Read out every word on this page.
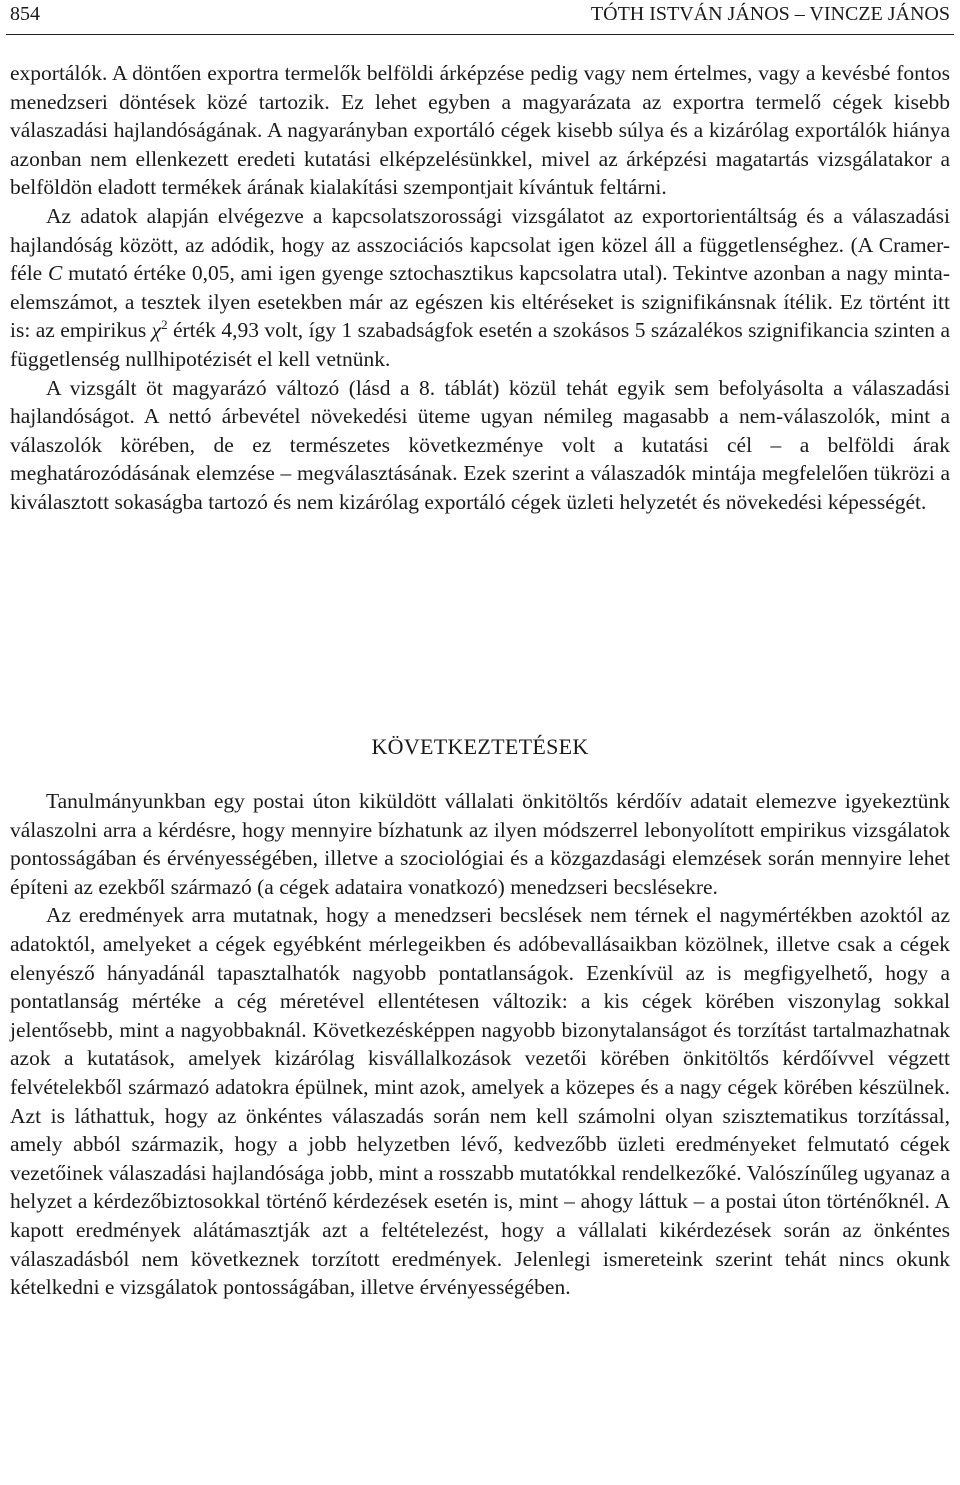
854	TÓTH ISTVÁN JÁNOS – VINCZE JÁNOS

exportálók. A döntően exportra termelők belföldi árképzése pedig vagy nem értelmes, vagy a kevésbé fontos menedzseri döntések közé tartozik. Ez lehet egyben a magyarázata az exportra termelő cégek kisebb válaszadási hajlandóságának. A nagyarányban exportáló cégek kisebb súlya és a kizárólag exportálók hiánya azonban nem ellenkezett eredeti kutatási elképzelésünkkel, mivel az árképzési magatartás vizsgálatakor a belföldön eladott termékek árának kialakítási szempontjait kívántuk feltárni.

Az adatok alapján elvégezve a kapcsolatszorossági vizsgálatot az exportorientáltság és a válaszadási hajlandóság között, az adódik, hogy az asszociációs kapcsolat igen közel áll a függetlenséghez. (A Cramer-féle C mutató értéke 0,05, ami igen gyenge sztochasztikus kapcsolatra utal). Tekintve azonban a nagy minta-elemszámot, a tesztek ilyen esetekben már az egészen kis eltéréseket is szignifikánsnak ítélik. Ez történt itt is: az empirikus $\chi^2$ érték 4,93 volt, így 1 szabadságfok esetén a szokásos 5 százalékos szignifikancia szinten a függetlenség nullhipotézisét el kell vetnünk.

A vizsgált öt magyarázó változó (lásd a 8. táblát) közül tehát egyik sem befolyásolta a válaszadási hajlandóságot. A nettó árbevétel növekedési üteme ugyan némileg magasabb a nem-válaszolók, mint a válaszolók körében, de ez természetes következménye volt a kutatási cél – a belföldi árak meghatározódásának elemzése – megválasztásának. Ezek szerint a válaszadók mintája megfelelően tükrözi a kiválasztott sokaságba tartozó és nem kizárólag exportáló cégek üzleti helyzetét és növekedési képességét.

KÖVETKEZTETÉSEK

Tanulmányunkban egy postai úton kiküldött vállalati önkitöltős kérdőív adatait elemezve igyekeztünk válaszolni arra a kérdésre, hogy mennyire bízhatunk az ilyen módszerrel lebonyolított empirikus vizsgálatok pontosságában és érvényességében, illetve a szociológiai és a közgazdasági elemzések során mennyire lehet építeni az ezekből származó (a cégek adataira vonatkozó) menedzseri becslésekre.

Az eredmények arra mutatnak, hogy a menedzseri becslések nem térnek el nagymértékben azoktól az adatoktól, amelyeket a cégek egyébként mérlegeikben és adóbevallásaikban közölnek, illetve csak a cégek elenyésző hányadánál tapasztalhatók nagyobb pontatlanságok. Ezenkívül az is megfigyelhető, hogy a pontatlanság mértéke a cég méretével ellentétesen változik: a kis cégek körében viszonylag sokkal jelentősebb, mint a nagyobbaknál. Következésképpen nagyobb bizonytalanságot és torzítást tartalmazhatnak azok a kutatások, amelyek kizárólag kisvállalkozások vezetői körében önkitöltős kérdőívvel végzett felvételekből származó adatokra épülnek, mint azok, amelyek a közepes és a nagy cégek körében készülnek. Azt is láthattuk, hogy az önkéntes válaszadás során nem kell számolni olyan szisztematikus torzítással, amely abból származik, hogy a jobb helyzetben lévő, kedvezőbb üzleti eredményeket felmutató cégek vezetőinek válaszadási hajlandósága jobb, mint a rosszabb mutatókkal rendelkezőké. Valószínűleg ugyanaz a helyzet a kérdezőbiztosokkal történő kérdezések esetén is, mint – ahogy láttuk – a postai úton történőknél. A kapott eredmények alátámasztják azt a feltételezést, hogy a vállalati kikérdezések során az önkéntes válaszadásból nem következnek torzított eredmények. Jelenlegi ismereteink szerint tehát nincs okunk kételkedni e vizsgálatok pontosságában, illetve érvényességében.
